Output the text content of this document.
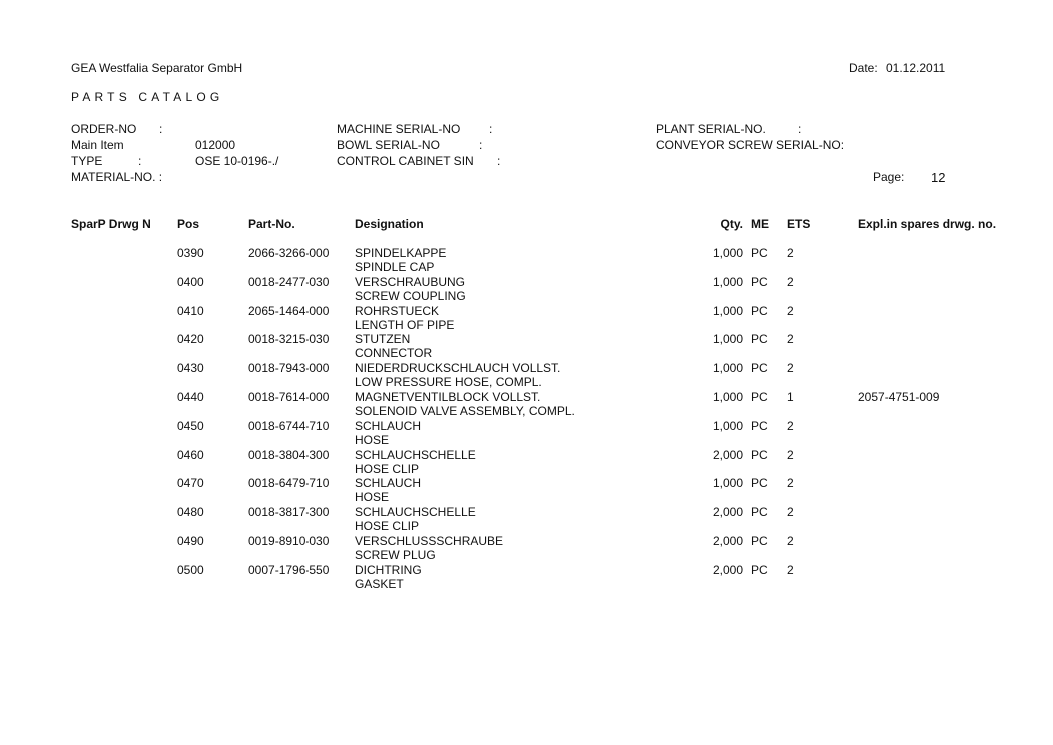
GEA Westfalia Separator GmbH	Date: 01.12.2011
PARTS CATALOG
ORDER-NO :
Main Item	012000
TYPE	:	OSE 10-0196-./
MATERIAL-NO. :
MACHINE SERIAL-NO :
BOWL SERIAL-NO	:
CONTROL CABINET SIN :
PLANT SERIAL-NO.	:
CONVEYOR SCREW SERIAL-NO:
Page: 12
SparP Drwg N Pos	Part-No.	Designation	Qty. ME ETS	Expl.in spares drwg. no.
0390	2066-3266-000 SPINDELKAPPE	1,000 PC 2
SPINDLE CAP
0400	0018-2477-030 VERSCHRAUBUNG	1,000 PC 2
SCREW COUPLING
0410	2065-1464-000 ROHRSTUECK	1,000 PC 2
LENGTH OF PIPE
0420	0018-3215-030 STUTZEN	1,000 PC 2
CONNECTOR
0430	0018-7943-000 NIEDERDRUCKSCHLAUCH VOLLST.	1,000 PC 2
LOW PRESSURE HOSE, COMPL.
0440	0018-7614-000 MAGNETVENTILBLOCK VOLLST.	1,000 PC 1	2057-4751-009
SOLENOID VALVE ASSEMBLY, COMPL.
0450	0018-6744-710 SCHLAUCH	1,000 PC 2
HOSE
0460	0018-3804-300 SCHLAUCHSCHELLE	2,000 PC 2
HOSE CLIP
0470	0018-6479-710 SCHLAUCH	1,000 PC 2
HOSE
0480	0018-3817-300 SCHLAUCHSCHELLE	2,000 PC 2
HOSE CLIP
0490	0019-8910-030 VERSCHLUSSSCHRAUBE	2,000 PC 2
SCREW PLUG
0500	0007-1796-550 DICHTRING	2,000 PC 2
GASKET
